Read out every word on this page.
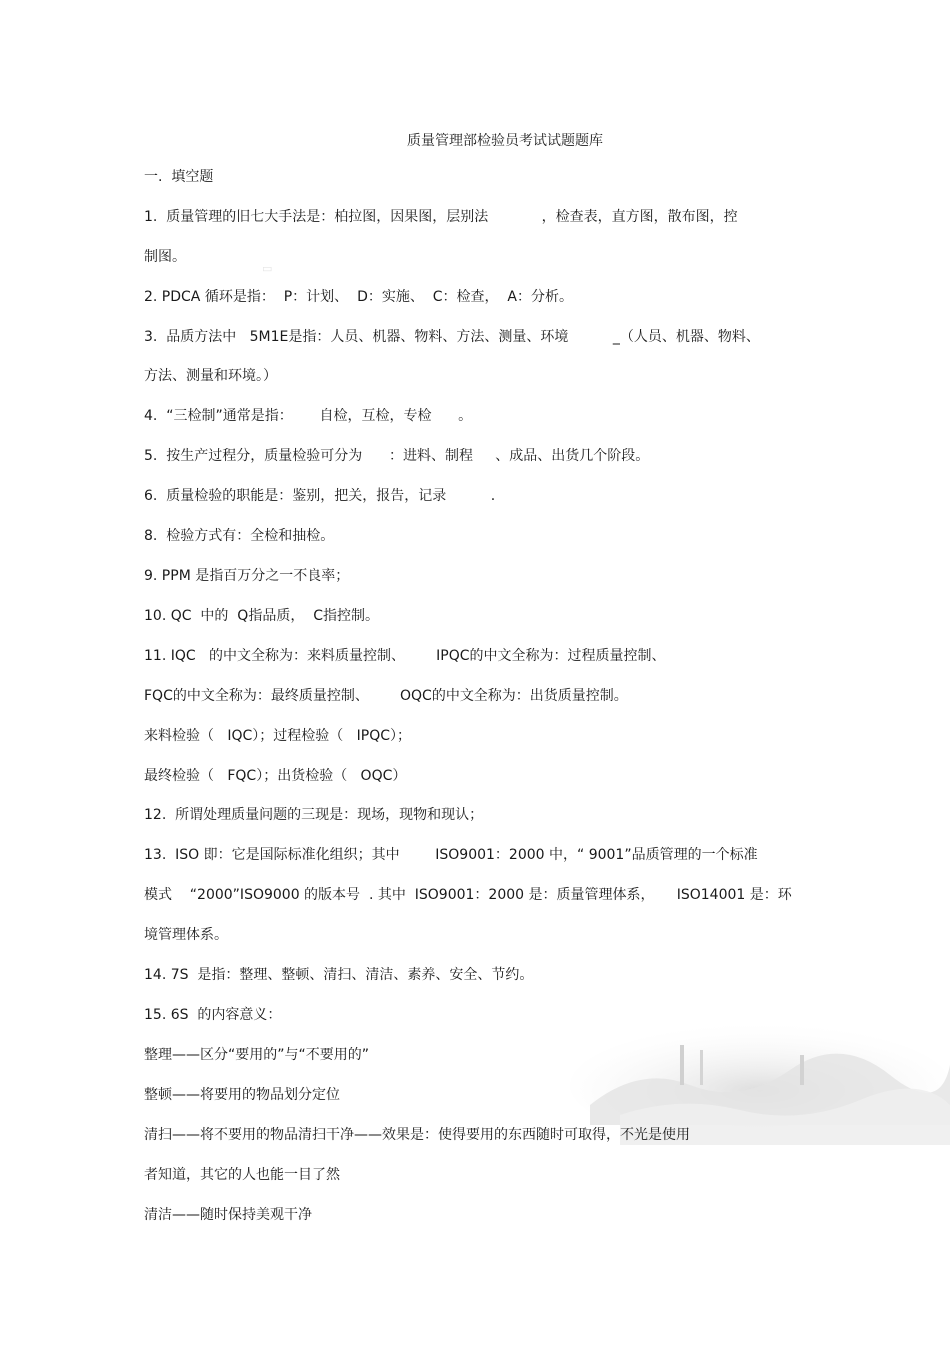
▭
质量管理部检验员考试试题题库
一.  填空题
1.  质量管理的旧七大手法是：柏拉图，因果图，层别法            ，检查表，直方图，散布图，控
制图。
2. PDCA 循环是指：  P：计划、  D：实施、  C：检查，  A：分析。
3.  品质方法中   5M1E是指：人员、机器、物料、方法、测量、环境          _（人员、机器、物料、
方法、测量和环境。）
4.  “三检制”通常是指：      自检，互检，专检      。
5.  按生产过程分，质量检验可分为      ：进料、制程     、成品、出货几个阶段。
6.  质量检验的职能是：鉴别，把关，报告，记录          .
8.  检验方式有：全检和抽检。
9. PPM 是指百万分之一不良率；
10. QC  中的  Q指品质，  C指控制。
11. IQC   的中文全称为：来料质量控制、       IPQC的中文全称为：过程质量控制、
FQC的中文全称为：最终质量控制、       OQC的中文全称为：出货质量控制。
来料检验（   IQC）；过程检验（   IPQC）；
最终检验（   FQC）；出货检验（   OQC）
12.  所谓处理质量问题的三现是：现场，现物和现认；
13.  ISO 即：它是国际标准化组织；其中        ISO9001：2000 中，“ 9001”品质管理的一个标准
模式    “2000”ISO9000 的版本号  . 其中  ISO9001：2000 是：质量管理体系，     ISO14001 是：环
境管理体系。
14. 7S  是指：整理、整顿、清扫、清洁、素养、安全、节约。
15. 6S  的内容意义：
整理——区分“要用的”与“不要用的”
整顿——将要用的物品划分定位
清扫——将不要用的物品清扫干净——效果是：使得要用的东西随时可取得，不光是使用
者知道，其它的人也能一目了然
清洁——随时保持美观干净
